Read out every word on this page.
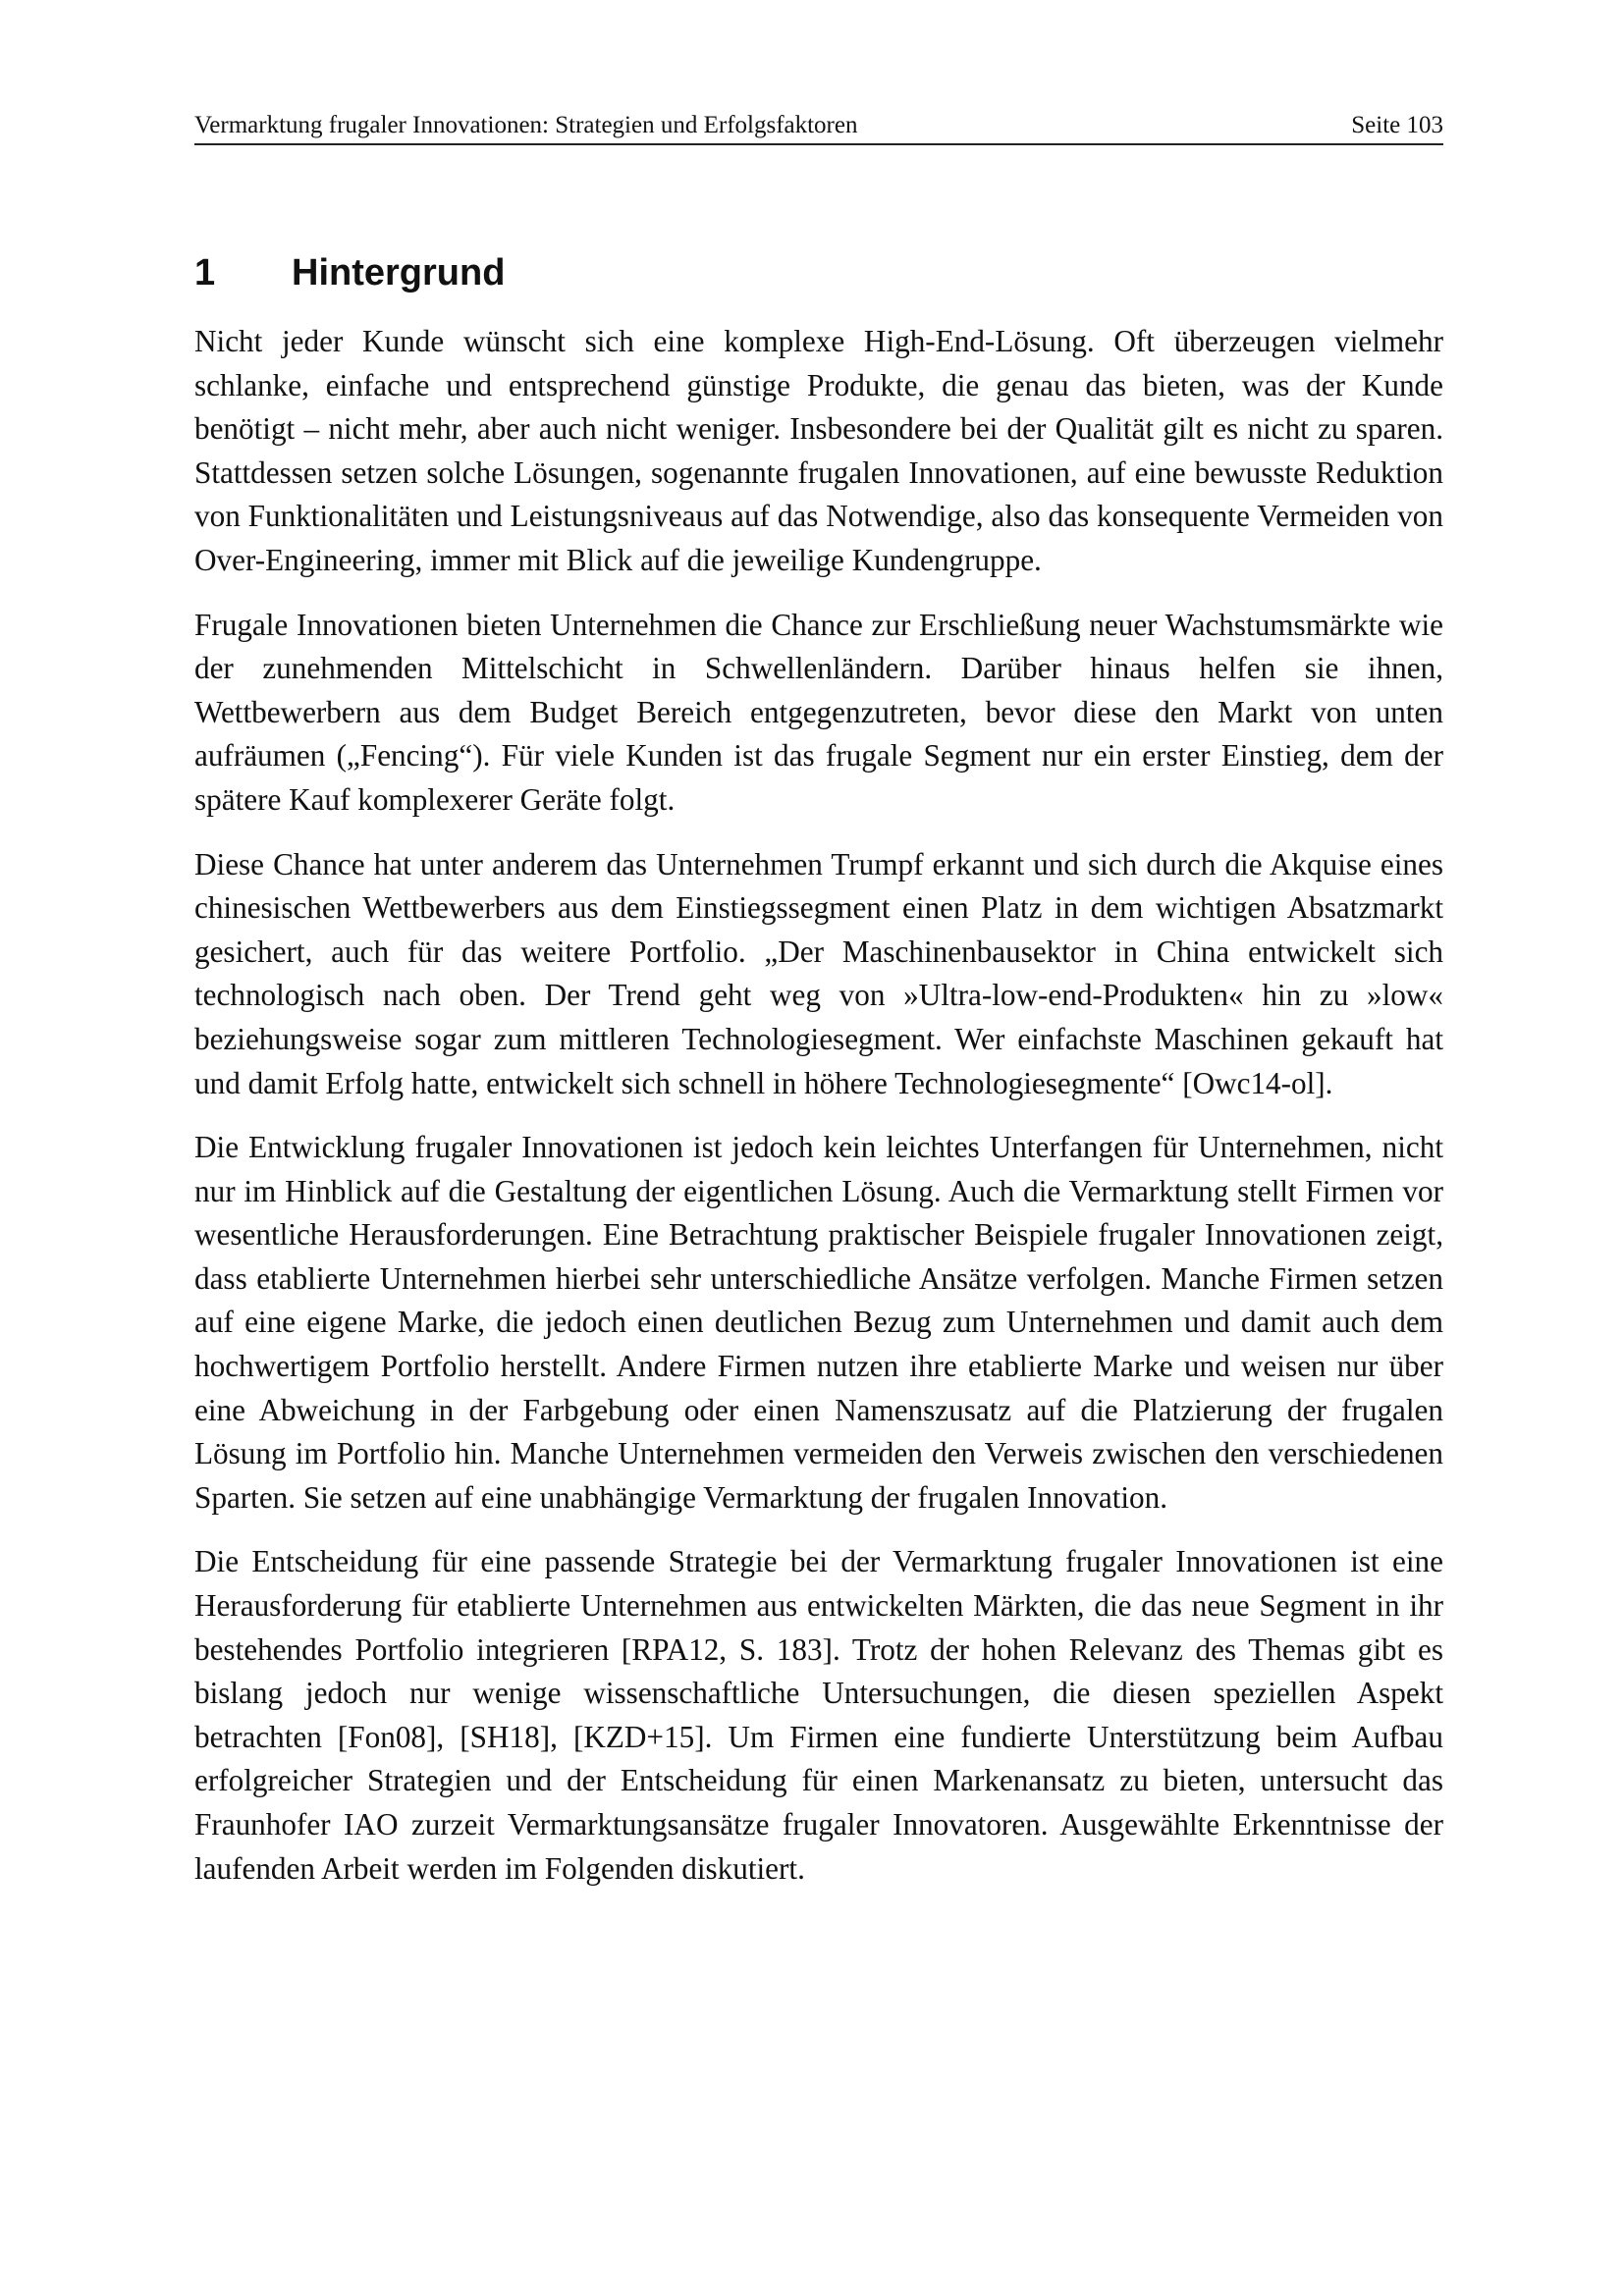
Vermarktung frugaler Innovationen: Strategien und Erfolgsfaktoren	Seite 103
1	Hintergrund

Nicht jeder Kunde wünscht sich eine komplexe High-End-Lösung. Oft überzeugen vielmehr schlanke, einfache und entsprechend günstige Produkte, die genau das bieten, was der Kunde benötigt – nicht mehr, aber auch nicht weniger. Insbesondere bei der Qualität gilt es nicht zu sparen. Stattdessen setzen solche Lösungen, sogenannte frugalen Innovationen, auf eine bewusste Reduktion von Funktionalitäten und Leistungsniveaus auf das Notwendige, also das konsequente Vermeiden von Over-Engineering, immer mit Blick auf die jeweilige Kundengruppe.

Frugale Innovationen bieten Unternehmen die Chance zur Erschließung neuer Wachstumsmärkte wie der zunehmenden Mittelschicht in Schwellenländern. Darüber hinaus helfen sie ihnen, Wettbewerbern aus dem Budget Bereich entgegenzutreten, bevor diese den Markt von unten aufräumen („Fencing“). Für viele Kunden ist das frugale Segment nur ein erster Einstieg, dem der spätere Kauf komplexerer Geräte folgt.

Diese Chance hat unter anderem das Unternehmen Trumpf erkannt und sich durch die Akquise eines chinesischen Wettbewerbers aus dem Einstiegssegment einen Platz in dem wichtigen Absatzmarkt gesichert, auch für das weitere Portfolio. „Der Maschinenbausektor in China entwickelt sich technologisch nach oben. Der Trend geht weg von »Ultra-low-end-Produkten« hin zu »low« beziehungsweise sogar zum mittleren Technologiesegment. Wer einfachste Maschinen gekauft hat und damit Erfolg hatte, entwickelt sich schnell in höhere Technologiesegmente“ [Owc14-ol].

Die Entwicklung frugaler Innovationen ist jedoch kein leichtes Unterfangen für Unternehmen, nicht nur im Hinblick auf die Gestaltung der eigentlichen Lösung. Auch die Vermarktung stellt Firmen vor wesentliche Herausforderungen. Eine Betrachtung praktischer Beispiele frugaler Innovationen zeigt, dass etablierte Unternehmen hierbei sehr unterschiedliche Ansätze verfolgen. Manche Firmen setzen auf eine eigene Marke, die jedoch einen deutlichen Bezug zum Unternehmen und damit auch dem hochwertigem Portfolio herstellt. Andere Firmen nutzen ihre etablierte Marke und weisen nur über eine Abweichung in der Farbgebung oder einen Namenszusatz auf die Platzierung der frugalen Lösung im Portfolio hin. Manche Unternehmen vermeiden den Verweis zwischen den verschiedenen Sparten. Sie setzen auf eine unabhängige Vermarktung der frugalen Innovation.

Die Entscheidung für eine passende Strategie bei der Vermarktung frugaler Innovationen ist eine Herausforderung für etablierte Unternehmen aus entwickelten Märkten, die das neue Segment in ihr bestehendes Portfolio integrieren [RPA12, S. 183]. Trotz der hohen Relevanz des Themas gibt es bislang jedoch nur wenige wissenschaftliche Untersuchungen, die diesen speziellen Aspekt betrachten [Fon08], [SH18], [KZD+15]. Um Firmen eine fundierte Unterstützung beim Aufbau erfolgreicher Strategien und der Entscheidung für einen Markenansatz zu bieten, untersucht das Fraunhofer IAO zurzeit Vermarktungsansätze frugaler Innovatoren. Ausgewählte Erkenntnisse der laufenden Arbeit werden im Folgenden diskutiert.
